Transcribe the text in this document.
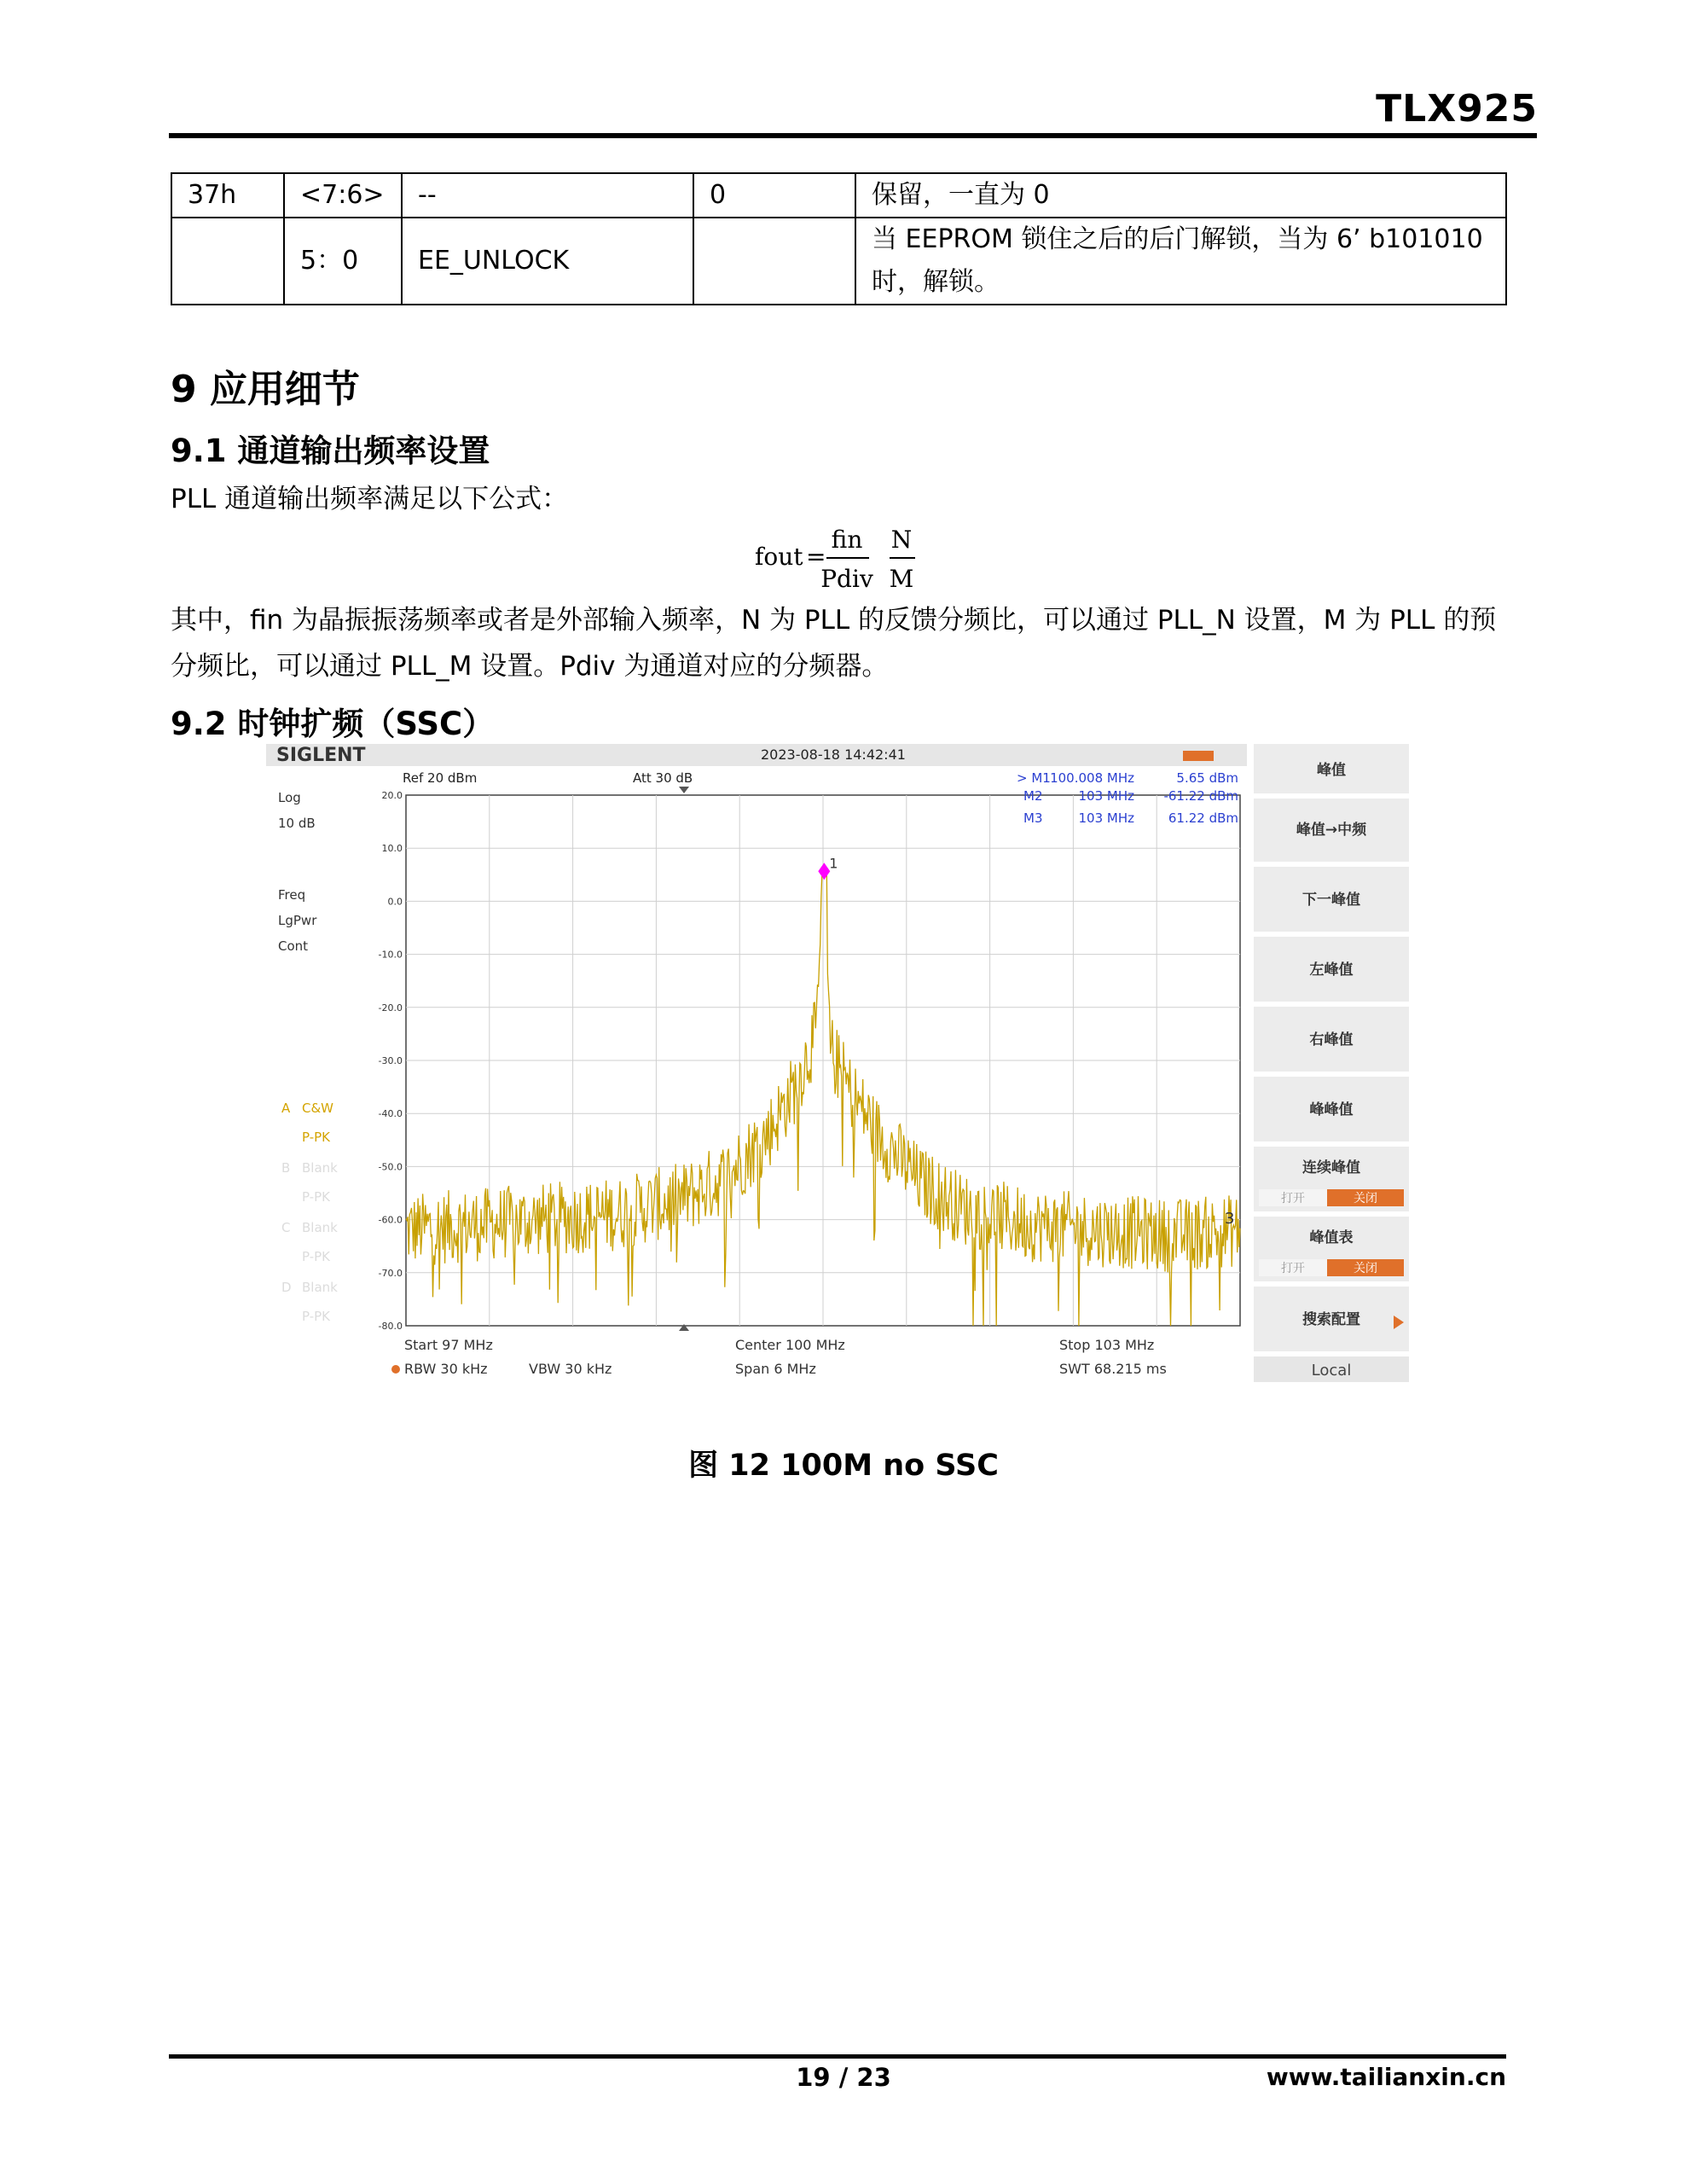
TLX925
37h	<7:6>	--	0	保留，一直为 0
	5：0	EE_UNLOCK		当 EEPROM 锁住之后的后门解锁，当为 6’ b101010 时，解锁。
9 应用细节
9.1 通道输出频率设置
PLL 通道输出频率满足以下公式：
fout =
fin
Pdiv
N
M
其中，fin 为晶振振荡频率或者是外部输入频率，N 为 PLL 的反馈分频比，可以通过 PLL_N 设置，M 为 PLL 的预分频比，可以通过 PLL_M 设置。Pdiv 为通道对应的分频器。
9.2 时钟扩频（SSC）
SIGLENT	2023-08-18 14:42:41
Ref 20 dBm	Att 30 dB
Log
10 dB
Freq
LgPwr
Cont
A C&W
P-PK
B Blank
P-PK
C Blank
P-PK
D Blank
P-PK
20.0
10.0
0.0
-10.0
-20.0
-30.0
-40.0
-50.0
-60.0
-70.0
-80.0
1
3
> M1 100.008 MHz	5.65 dBm
M2	103 MHz -61.22 dBm
M3	103 MHz	61.22 dBm
Start 97 MHz	Center 100 MHz	Stop 103 MHz
RBW 30 kHz	VBW 30 kHz	Span 6 MHz	SWT 68.215 ms
峰值
峰值→中频
下一峰值
左峰值
右峰值
峰峰值
连续峰值
打开	关闭
峰值表
打开	关闭
搜索配置
Local
图 12 100M no SSC
19 / 23	www.tailianxin.cn
